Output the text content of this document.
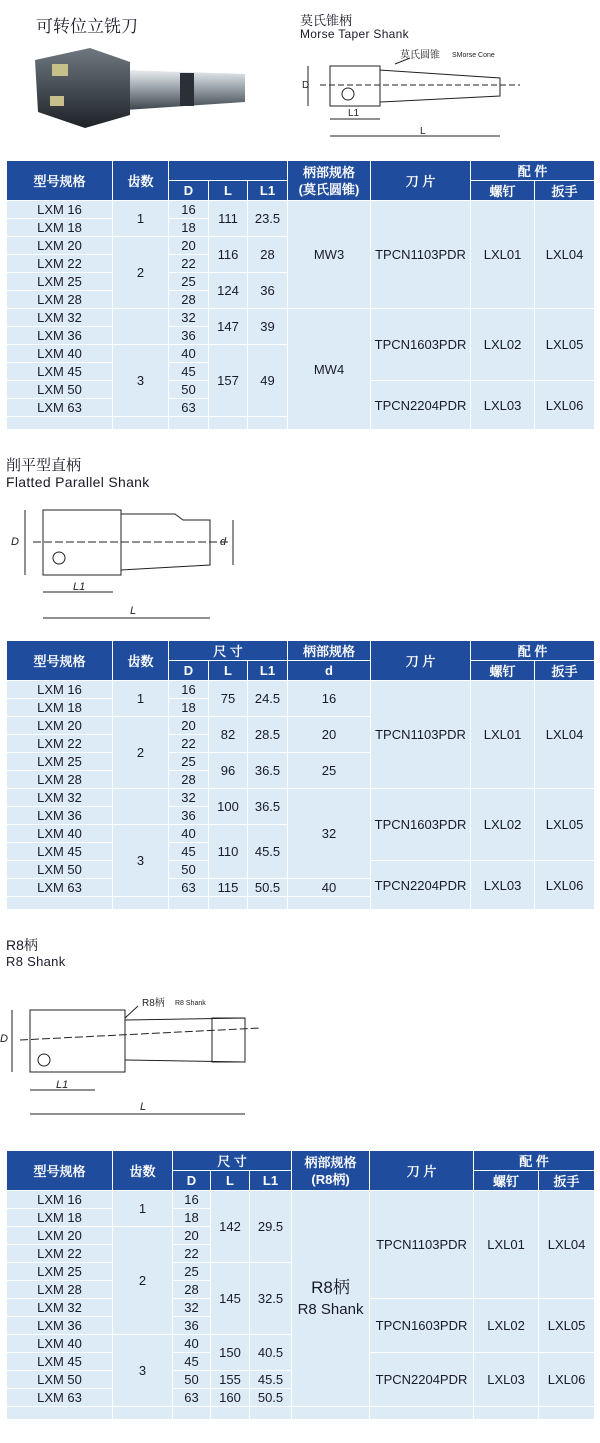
可转位立铣刀	莫氏锥柄
Morse Taper Shank
D
L1
L
莫氏圆锥 SMorse Cone
型号规格	齿数				柄部规格
(莫氏圆锥)	刀 片	配 件	
		D	L	L1			螺钉	扳手
LXM 16	1	16	111	23.5	MW3	TPCN1103PDR	LXL01	LXL04
LXM 18		18						
LXM 20	2	20	116	28				
LXM 22		22						
LXM 25		25	124	36				
LXM 28		28						
LXM 32		32	147	39	MW4	TPCN1603PDR	LXL02	LXL05
LXM 36		36						
LXM 40	3	40	157	49				
LXM 45		45						
LXM 50		50				TPCN2204PDR	LXL03	LXL06
LXM 63		63						

削平型直柄
Flatted Parallel Shank
D	d
L1
L
型号规格	齿数	尺 寸			柄部规格	刀 片	配 件	
		D	L	L1	d		螺钉	扳手
LXM 16	1	16	75	24.5	16	TPCN1103PDR	LXL01	LXL04
LXM 18		18						
LXM 20	2	20	82	28.5	20			
LXM 22		22						
LXM 25		25	96	36.5	25			
LXM 28		28						
LXM 32		32	100	36.5	32	TPCN1603PDR	LXL02	LXL05
LXM 36		36						
LXM 40	3	40	110	45.5				
LXM 45		45						
LXM 50		50				TPCN2204PDR	LXL03	LXL06
LXM 63		63	115	50.5	40			

R8柄
R8 Shank
D
L1
L
R8柄 R8 Shank
型号规格	齿数	尺 寸			柄部规格
(R8柄)	刀 片	配 件	
		D	L	L1			螺钉	扳手
LXM 16	1	16	142	29.5	R8柄
R8 Shank	TPCN1103PDR	LXL01	LXL04
LXM 18		18						
LXM 20	2	20						
LXM 22		22						
LXM 25		25	145	32.5				
LXM 28		28						
LXM 32		32				TPCN1603PDR	LXL02	LXL05
LXM 36		36						
LXM 40	3	40	150	40.5				
LXM 45		45				TPCN2204PDR	LXL03	LXL06
LXM 50		50	155	45.5				
LXM 63		63	160	50.5				
